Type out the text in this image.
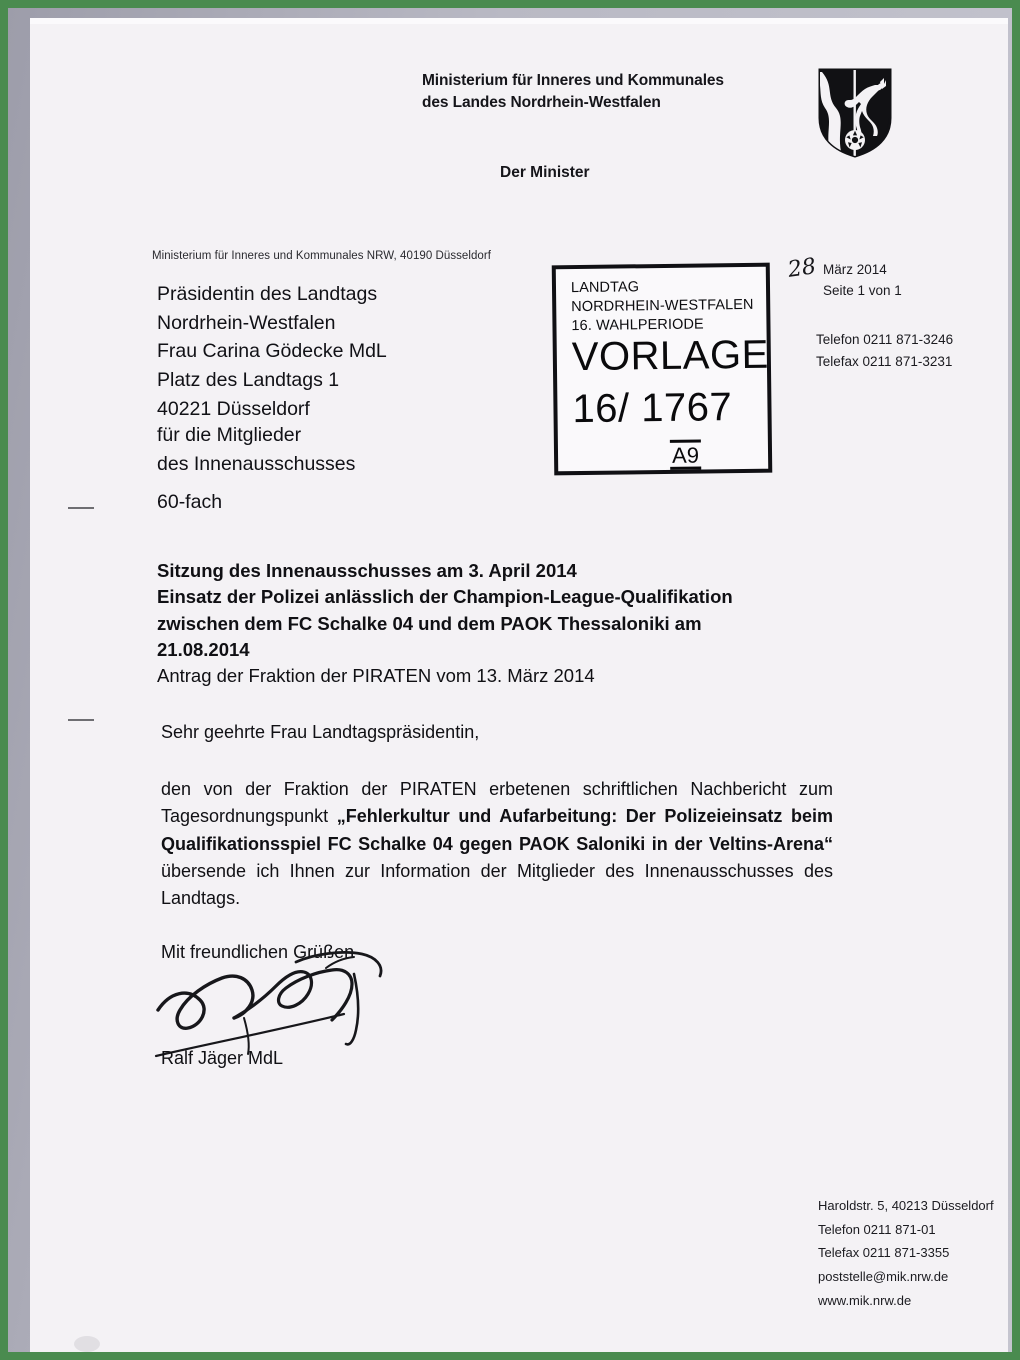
Ministerium für Inneres und Kommunales
des Landes Nordrhein-Westfalen
Der Minister
Ministerium für Inneres und Kommunales NRW, 40190 Düsseldorf
Präsidentin des Landtags
Nordrhein-Westfalen
Frau Carina Gödecke MdL
Platz des Landtags 1
40221 Düsseldorf
für die Mitglieder
des Innenausschusses
60-fach
LANDTAG
NORDRHEIN-WESTFALEN
16. WAHLPERIODE
VORLAGE
16/ 1767
A9
28 März 2014
Seite 1 von 1
Telefon 0211 871-3246
Telefax 0211 871-3231
Sitzung des Innenausschusses am 3. April 2014
Einsatz der Polizei anlässlich der Champion-League-Qualifikation
zwischen dem FC Schalke 04 und dem PAOK Thessaloniki am
21.08.2014
Antrag der Fraktion der PIRATEN vom 13. März 2014
Sehr geehrte Frau Landtagspräsidentin,
den von der Fraktion der PIRATEN erbetenen schriftlichen Nachbericht zum Tagesordnungspunkt „Fehlerkultur und Aufarbeitung: Der Polizeieinsatz beim Qualifikationsspiel FC Schalke 04 gegen PAOK Saloniki in der Veltins-Arena“ übersende ich Ihnen zur Information der Mitglieder des Innenausschusses des Landtags.
Mit freundlichen Grüßen
Ralf Jäger MdL
Haroldstr. 5, 40213 Düsseldorf
Telefon 0211 871-01
Telefax 0211 871-3355
poststelle@mik.nrw.de
www.mik.nrw.de
